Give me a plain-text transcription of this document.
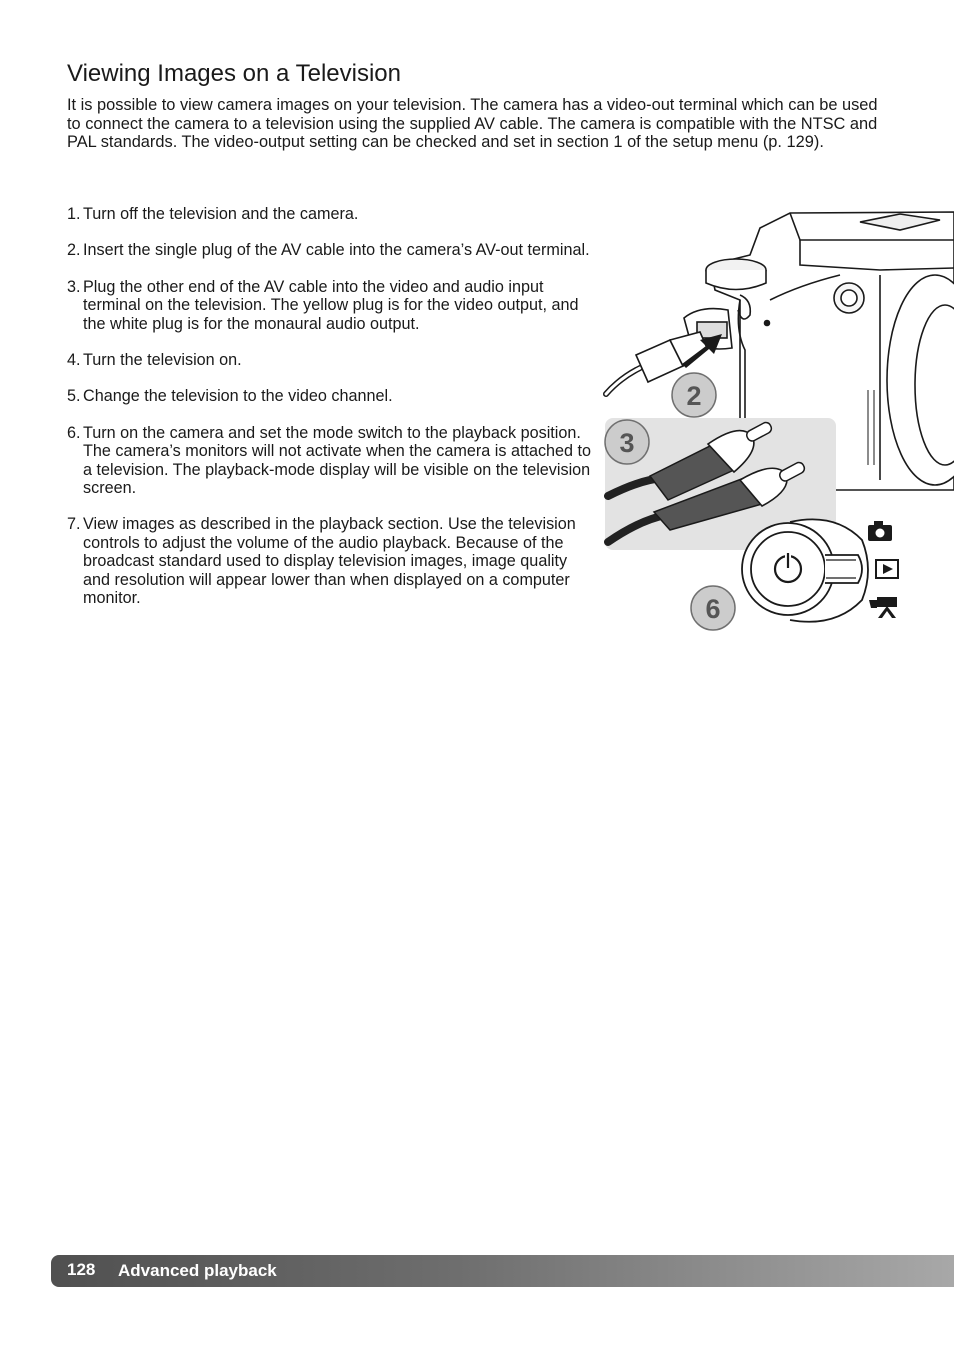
Viewing Images on a Television

It is possible to view camera images on your television. The camera has a video-out terminal which can be used to connect the camera to a television using the supplied AV cable. The camera is compatible with the NTSC and PAL standards. The video-output setting can be checked and set in section 1 of the setup menu (p. 129).

1. Turn off the television and the camera.
2. Insert the single plug of the AV cable into the camera’s AV-out terminal.
3. Plug the other end of the AV cable into the video and audio input terminal on the television. The yellow plug is for the video output, and the white plug is for the monaural audio output.
4. Turn the television on.
5. Change the television to the video channel.
6. Turn on the camera and set the mode switch to the playback position. The camera’s monitors will not activate when the camera is attached to a television. The playback-mode display will be visible on the television screen.
7. View images as described in the playback section. Use the television controls to adjust the volume of the audio playback. Because of the broadcast standard used to display television images, image quality and resolution will appear lower than when displayed on a computer monitor.
2
3
6
128 Advanced playback
